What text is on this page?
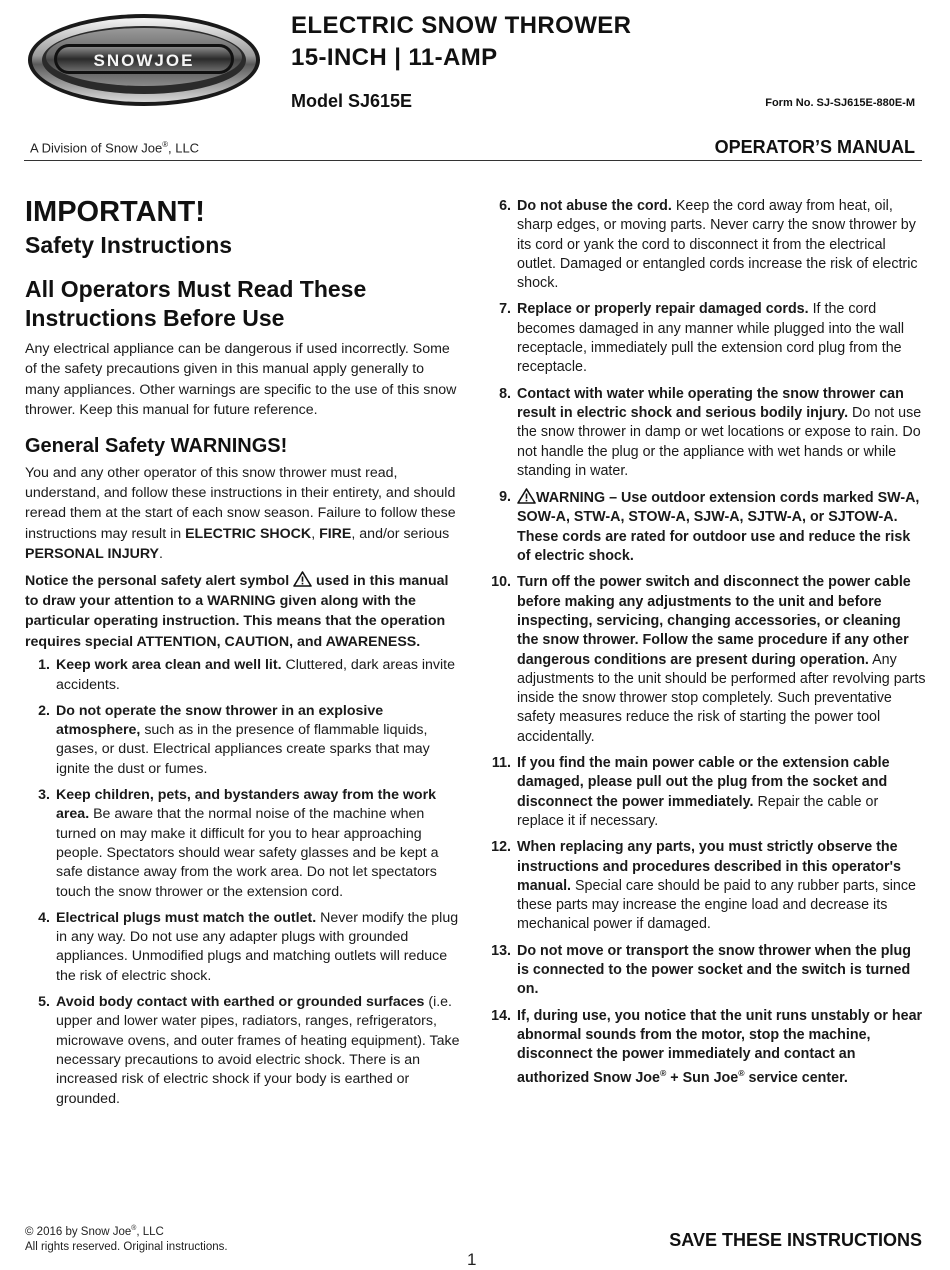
SNOWJOE
ELECTRIC SNOW THROWER
15-INCH | 11-AMP
Model SJ615E	Form No. SJ-SJ615E-880E-M
A Division of Snow Joe®, LLC	OPERATOR’S MANUAL
IMPORTANT!
Safety Instructions
All Operators Must Read These
Instructions Before Use

Any electrical appliance can be dangerous if used incorrectly. Some of the safety precautions given in this manual apply generally to many appliances. Other warnings are specific to the use of this snow thrower. Keep this manual for future reference.

General Safety WARNINGS!

You and any other operator of this snow thrower must read, understand, and follow these instructions in their entirety, and should reread them at the start of each snow season. Failure to follow these instructions may result in ELECTRIC SHOCK, FIRE, and/or serious PERSONAL INJURY.

Notice the personal safety alert symbol
used in this manual to draw your attention to a WARNING given along with the particular operating instruction. This means that the operation requires special ATTENTION, CAUTION, and AWARENESS.

1. Keep work area clean and well lit. Cluttered, dark areas invite accidents.
2. Do not operate the snow thrower in an explosive atmosphere, such as in the presence of flammable liquids, gases, or dust. Electrical appliances create sparks that may ignite the dust or fumes.
3. Keep children, pets, and bystanders away from the work area. Be aware that the normal noise of the machine when turned on may make it difficult for you to hear approaching people. Spectators should wear safety glasses and be kept a safe distance away from the work area. Do not let spectators touch the snow thrower or the extension cord.
4. Electrical plugs must match the outlet. Never modify the plug in any way. Do not use any adapter plugs with grounded appliances. Unmodified plugs and matching outlets will reduce the risk of electric shock.
5. Avoid body contact with earthed or grounded surfaces (i.e. upper and lower water pipes, radiators, ranges, refrigerators, microwave ovens, and outer frames of heating equipment). Take necessary precautions to avoid electric shock. There is an increased risk of electric shock if your body is earthed or grounded.
6. Do not abuse the cord. Keep the cord away from heat, oil, sharp edges, or moving parts. Never carry the snow thrower by its cord or yank the cord to disconnect it from the electrical outlet. Damaged or entangled cords increase the risk of electric shock.
7. Replace or properly repair damaged cords. If the cord becomes damaged in any manner while plugged into the wall receptacle, immediately pull the extension cord plug from the receptacle.
8. Contact with water while operating the snow thrower can result in electric shock and serious bodily injury. Do not use the snow thrower in damp or wet locations or expose to rain. Do not handle the plug or the appliance with wet hands or while standing in water.
9. WARNING – Use outdoor extension cords marked SW-A, SOW-A, STW-A, STOW-A, SJW-A, SJTW-A, or SJTOW-A. These cords are rated for outdoor use and reduce the risk of electric shock.
10. Turn off the power switch and disconnect the power cable before making any adjustments to the unit and before inspecting, servicing, changing accessories, or cleaning the snow thrower. Follow the same procedure if any other dangerous conditions are present during operation. Any adjustments to the unit should be performed after revolving parts inside the snow thrower stop completely. Such preventative safety measures reduce the risk of starting the power tool accidentally.
11. If you find the main power cable or the extension cable damaged, please pull out the plug from the socket and disconnect the power immediately. Repair the cable or replace it if necessary.
12. When replacing any parts, you must strictly observe the instructions and procedures described in this operator's manual. Special care should be paid to any rubber parts, since these parts may increase the engine load and decrease its mechanical power if damaged.
13. Do not move or transport the snow thrower when the plug is connected to the power socket and the switch is turned on.
14. If, during use, you notice that the unit runs unstably or hear abnormal sounds from the motor, stop the machine, disconnect the power immediately and contact an authorized Snow Joe® + Sun Joe® service center.
© 2016 by Snow Joe®, LLC
All rights reserved. Original instructions.	SAVE THESE INSTRUCTIONS
1
